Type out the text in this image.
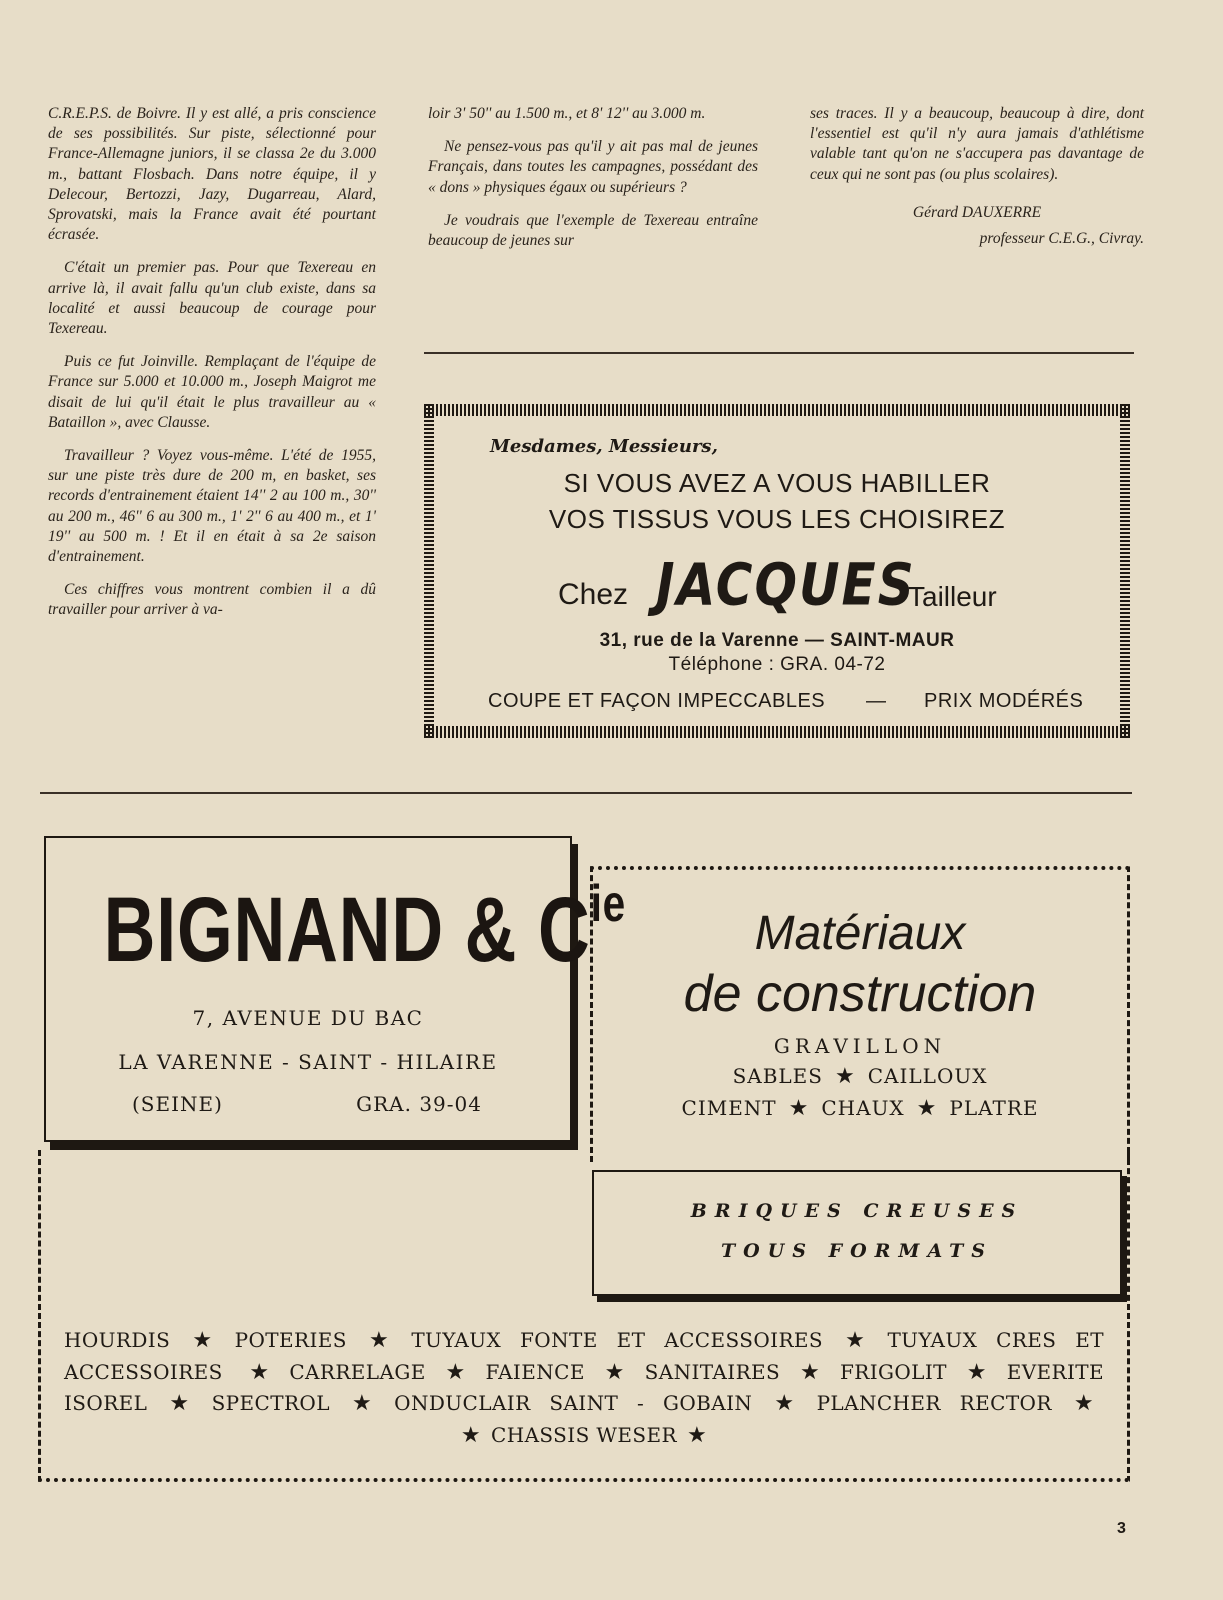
C.R.E.P.S. de Boivre. Il y est allé, a pris conscience de ses possibilités. Sur piste, sélectionné pour France-Allemagne juniors, il se classa 2e du 3.000 m., battant Flosbach. Dans notre équipe, il y Delecour, Bertozzi, Jazy, Dugarreau, Alard, Sprovatski, mais la France avait été pourtant écrasée.

C'était un premier pas. Pour que Texereau en arrive là, il avait fallu qu'un club existe, dans sa localité et aussi beaucoup de courage pour Texereau.

Puis ce fut Joinville. Remplaçant de l'équipe de France sur 5.000 et 10.000 m., Joseph Maigrot me disait de lui qu'il était le plus travailleur au « Bataillon », avec Clausse.

Travailleur ? Voyez vous-même. L'été de 1955, sur une piste très dure de 200 m, en basket, ses records d'entrainement étaient 14'' 2 au 100 m., 30'' au 200 m., 46'' 6 au 300 m., 1' 2'' 6 au 400 m., et 1' 19'' au 500 m. ! Et il en était à sa 2e saison d'entrainement.

Ces chiffres vous montrent combien il a dû travailler pour arriver à va-

loir 3' 50'' au 1.500 m., et 8' 12'' au 3.000 m.

Ne pensez-vous pas qu'il y ait pas mal de jeunes Français, dans toutes les campagnes, possédant des « dons » physiques égaux ou supérieurs ?

Je voudrais que l'exemple de Texereau entraîne beaucoup de jeunes sur

ses traces. Il y a beaucoup, beaucoup à dire, dont l'essentiel est qu'il n'y aura jamais d'athlétisme valable tant qu'on ne s'accupera pas davantage de ceux qui ne sont pas (ou plus scolaires).

Gérard DAUXERRE
professeur C.E.G., Civray.
Mesdames, Messieurs,
SI VOUS AVEZ A VOUS HABILLER
VOS TISSUS VOUS LES CHOISIREZ
Chez JACQUES
Tailleur
31, rue de la Varenne — SAINT-MAUR
Téléphone : GRA. 04-72
COUPE ET FAÇON IMPECCABLES — PRIX MODÉRÉS
BIGNAND & $C^{ie}$
7, AVENUE DU BAC
LA VARENNE - SAINT - HILAIRE
(SEINE)	GRA. 39-04
Matériaux
de construction
GRAVILLON
SABLES ★ CAILLOUX
CIMENT ★ CHAUX ★ PLATRE
BRIQUES CREUSES
TOUS FORMATS
HOURDIS ★ POTERIES ★ TUYAUX FONTE ET ACCESSOIRES ★ TUYAUX CRES ET ACCESSOIRES ★ CARRELAGE ★ FAIENCE ★ SANITAIRES ★ FRIGOLIT ★ EVERITE ISOREL ★ SPECTROL ★ ONDUCLAIR SAINT - GOBAIN ★ PLANCHER RECTOR ★
★ CHASSIS WESER ★
3
